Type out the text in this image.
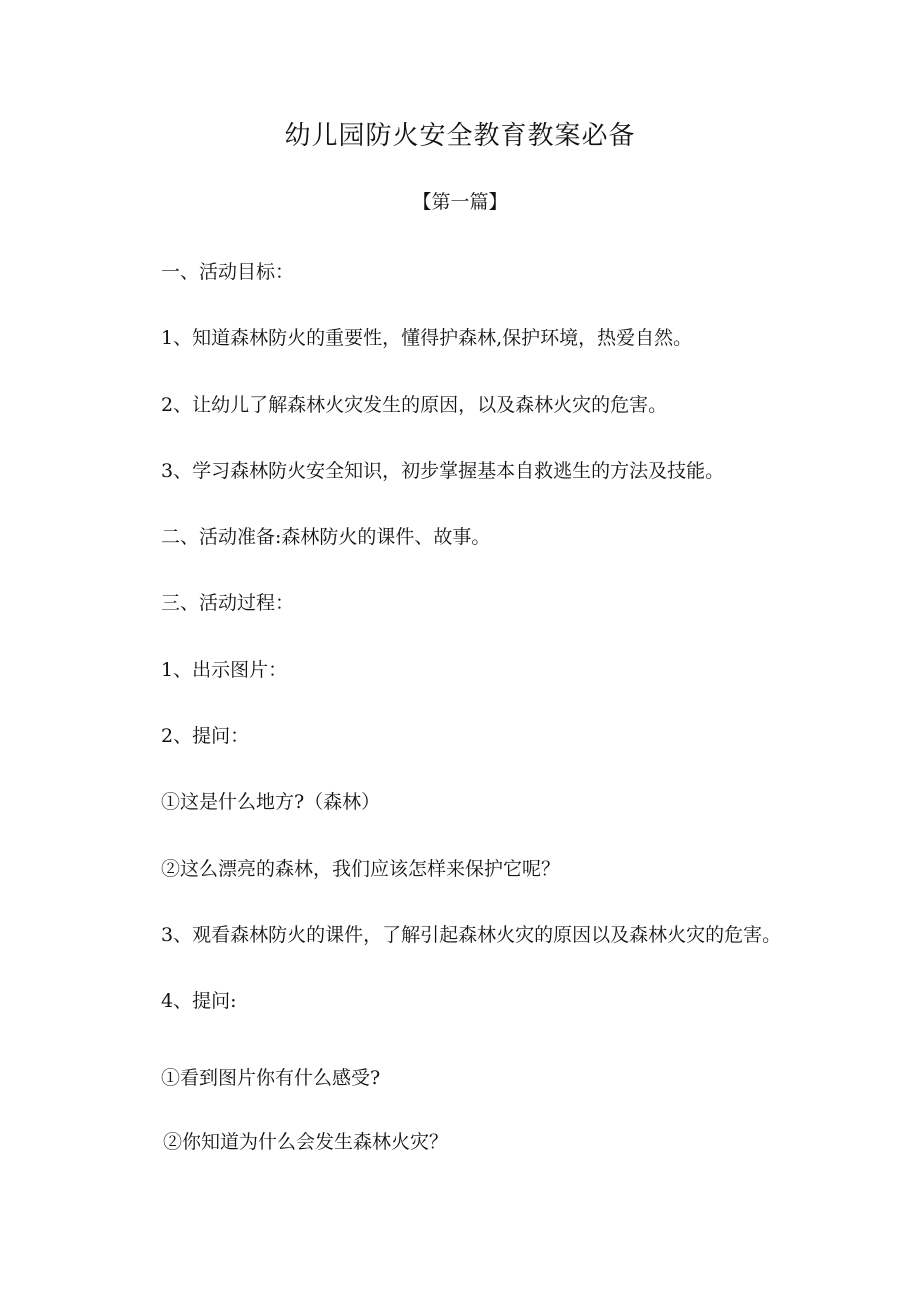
幼儿园防火安全教育教案必备
【第一篇】
一、活动目标：
1、知道森林防火的重要性，懂得护森林,保护环境，热爱自然。
2、让幼儿了解森林火灾发生的原因，以及森林火灾的危害。
3、学习森林防火安全知识，初步掌握基本自救逃生的方法及技能。
二、活动准备:森林防火的课件、故事。
三、活动过程：
1、出示图片：
2、提问：
①这是什么地方?（森林）
②这么漂亮的森林，我们应该怎样来保护它呢？
3、观看森林防火的课件，了解引起森林火灾的原因以及森林火灾的危害。
4、提问:
①看到图片你有什么感受?
②你知道为什么会发生森林火灾？
